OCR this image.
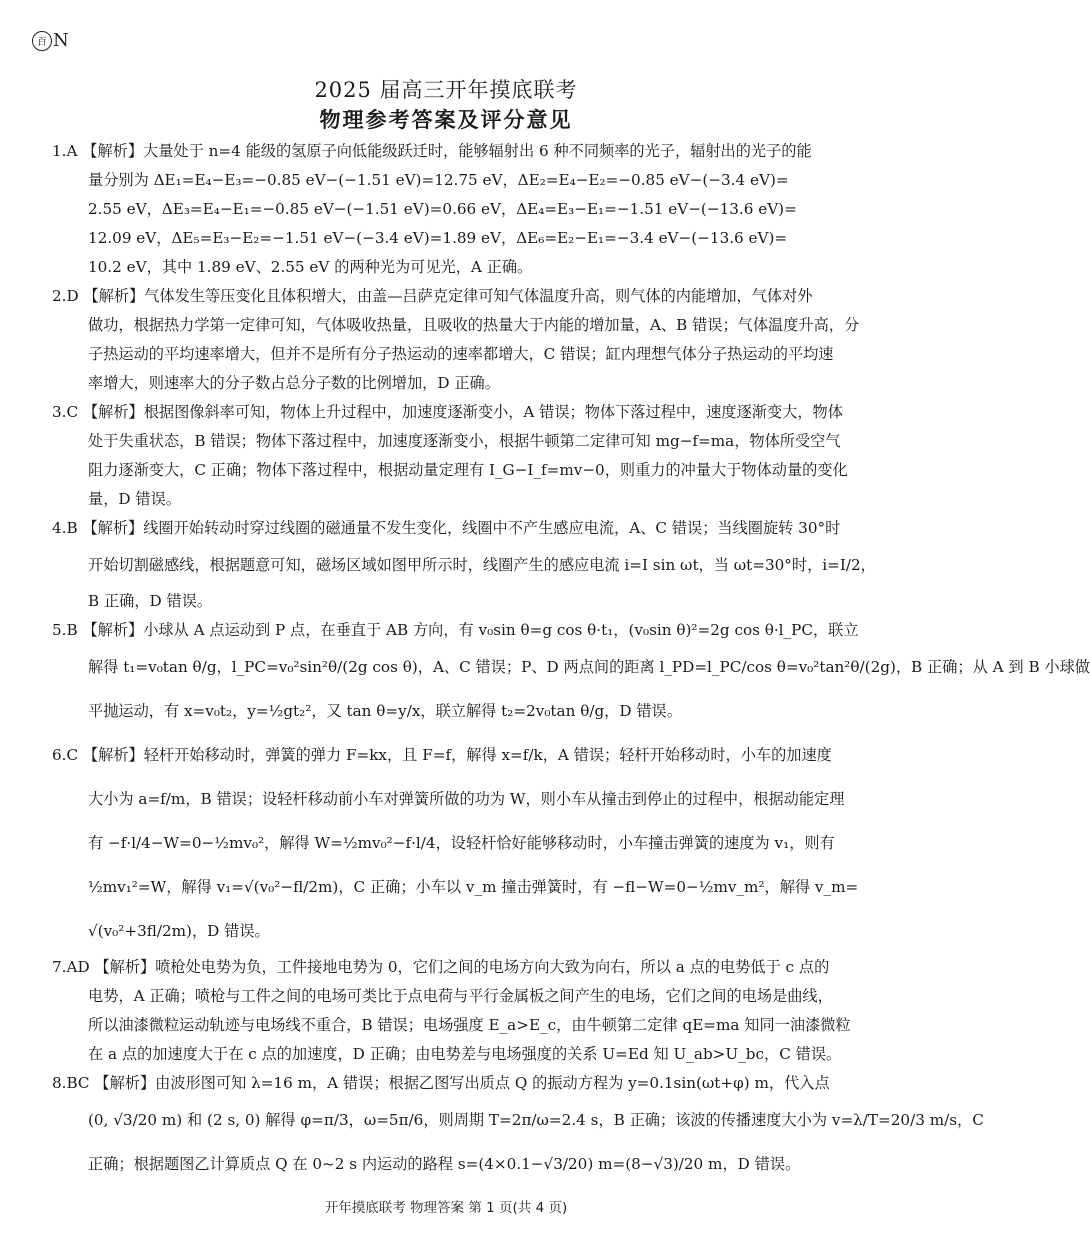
百 N
2025 届高三开年摸底联考
物理参考答案及评分意见
1.A 【解析】大量处于 n=4 能级的氢原子向低能级跃迁时，能够辐射出 6 种不同频率的光子，辐射出的光子的能
量分别为 ΔE₁=E₄−E₃=−0.85 eV−(−1.51 eV)=12.75 eV，ΔE₂=E₄−E₂=−0.85 eV−(−3.4 eV)=
2.55 eV，ΔE₃=E₄−E₁=−0.85 eV−(−1.51 eV)=0.66 eV，ΔE₄=E₃−E₁=−1.51 eV−(−13.6 eV)=
12.09 eV，ΔE₅=E₃−E₂=−1.51 eV−(−3.4 eV)=1.89 eV，ΔE₆=E₂−E₁=−3.4 eV−(−13.6 eV)=
10.2 eV，其中 1.89 eV、2.55 eV 的两种光为可见光，A 正确。
2.D 【解析】气体发生等压变化且体积增大，由盖—吕萨克定律可知气体温度升高，则气体的内能增加，气体对外
做功，根据热力学第一定律可知，气体吸收热量，且吸收的热量大于内能的增加量，A、B 错误；气体温度升高，分
子热运动的平均速率增大，但并不是所有分子热运动的速率都增大，C 错误；缸内理想气体分子热运动的平均速
率增大，则速率大的分子数占总分子数的比例增加，D 正确。
3.C 【解析】根据图像斜率可知，物体上升过程中，加速度逐渐变小，A 错误；物体下落过程中，速度逐渐变大，物体
处于失重状态，B 错误；物体下落过程中，加速度逐渐变小，根据牛顿第二定律可知 mg−f=ma，物体所受空气
阻力逐渐变大，C 正确；物体下落过程中，根据动量定理有 I_G−I_f=mv−0，则重力的冲量大于物体动量的变化
量，D 错误。
4.B 【解析】线圈开始转动时穿过线圈的磁通量不发生变化，线圈中不产生感应电流，A、C 错误；当线圈旋转 30°时
开始切割磁感线，根据题意可知，磁场区域如图甲所示时，线圈产生的感应电流 i=I sin ωt，当 ωt=30°时，i=I/2，
B 正确，D 错误。
5.B 【解析】小球从 A 点运动到 P 点，在垂直于 AB 方向，有 v₀sin θ=g cos θ·t₁，(v₀sin θ)²=2g cos θ·l_PC，联立
解得 t₁=v₀tan θ/g，l_PC=v₀²sin²θ/(2g cos θ)，A、C 错误；P、D 两点间的距离 l_PD=l_PC/cos θ=v₀²tan²θ/(2g)，B 正确；从 A 到 B 小球做
平抛运动，有 x=v₀t₂，y=½gt₂²，又 tan θ=y/x，联立解得 t₂=2v₀tan θ/g，D 错误。
6.C 【解析】轻杆开始移动时，弹簧的弹力 F=kx，且 F=f，解得 x=f/k，A 错误；轻杆开始移动时，小车的加速度
大小为 a=f/m，B 错误；设轻杆移动前小车对弹簧所做的功为 W，则小车从撞击到停止的过程中，根据动能定理
有 −f·l/4−W=0−½mv₀²，解得 W=½mv₀²−f·l/4，设轻杆恰好能够移动时，小车撞击弹簧的速度为 v₁，则有
½mv₁²=W，解得 v₁=√(v₀²−fl/2m)，C 正确；小车以 v_m 撞击弹簧时，有 −fl−W=0−½mv_m²，解得 v_m=
√(v₀²+3fl/2m)，D 错误。
7.AD 【解析】喷枪处电势为负，工件接地电势为 0，它们之间的电场方向大致为向右，所以 a 点的电势低于 c 点的
电势，A 正确；喷枪与工件之间的电场可类比于点电荷与平行金属板之间产生的电场，它们之间的电场是曲线，
所以油漆微粒运动轨迹与电场线不重合，B 错误；电场强度 E_a>E_c，由牛顿第二定律 qE=ma 知同一油漆微粒
在 a 点的加速度大于在 c 点的加速度，D 正确；由电势差与电场强度的关系 U=Ed 知 U_ab>U_bc，C 错误。
8.BC 【解析】由波形图可知 λ=16 m，A 错误；根据乙图写出质点 Q 的振动方程为 y=0.1sin(ωt+φ) m，代入点
(0, √3/20 m) 和 (2 s, 0) 解得 φ=π/3，ω=5π/6，则周期 T=2π/ω=2.4 s，B 正确；该波的传播速度大小为 v=λ/T=20/3 m/s，C
正确；根据题图乙计算质点 Q 在 0~2 s 内运动的路程 s=(4×0.1−√3/20) m=(8−√3)/20 m，D 错误。
开年摸底联考 物理答案 第 1 页(共 4 页)
